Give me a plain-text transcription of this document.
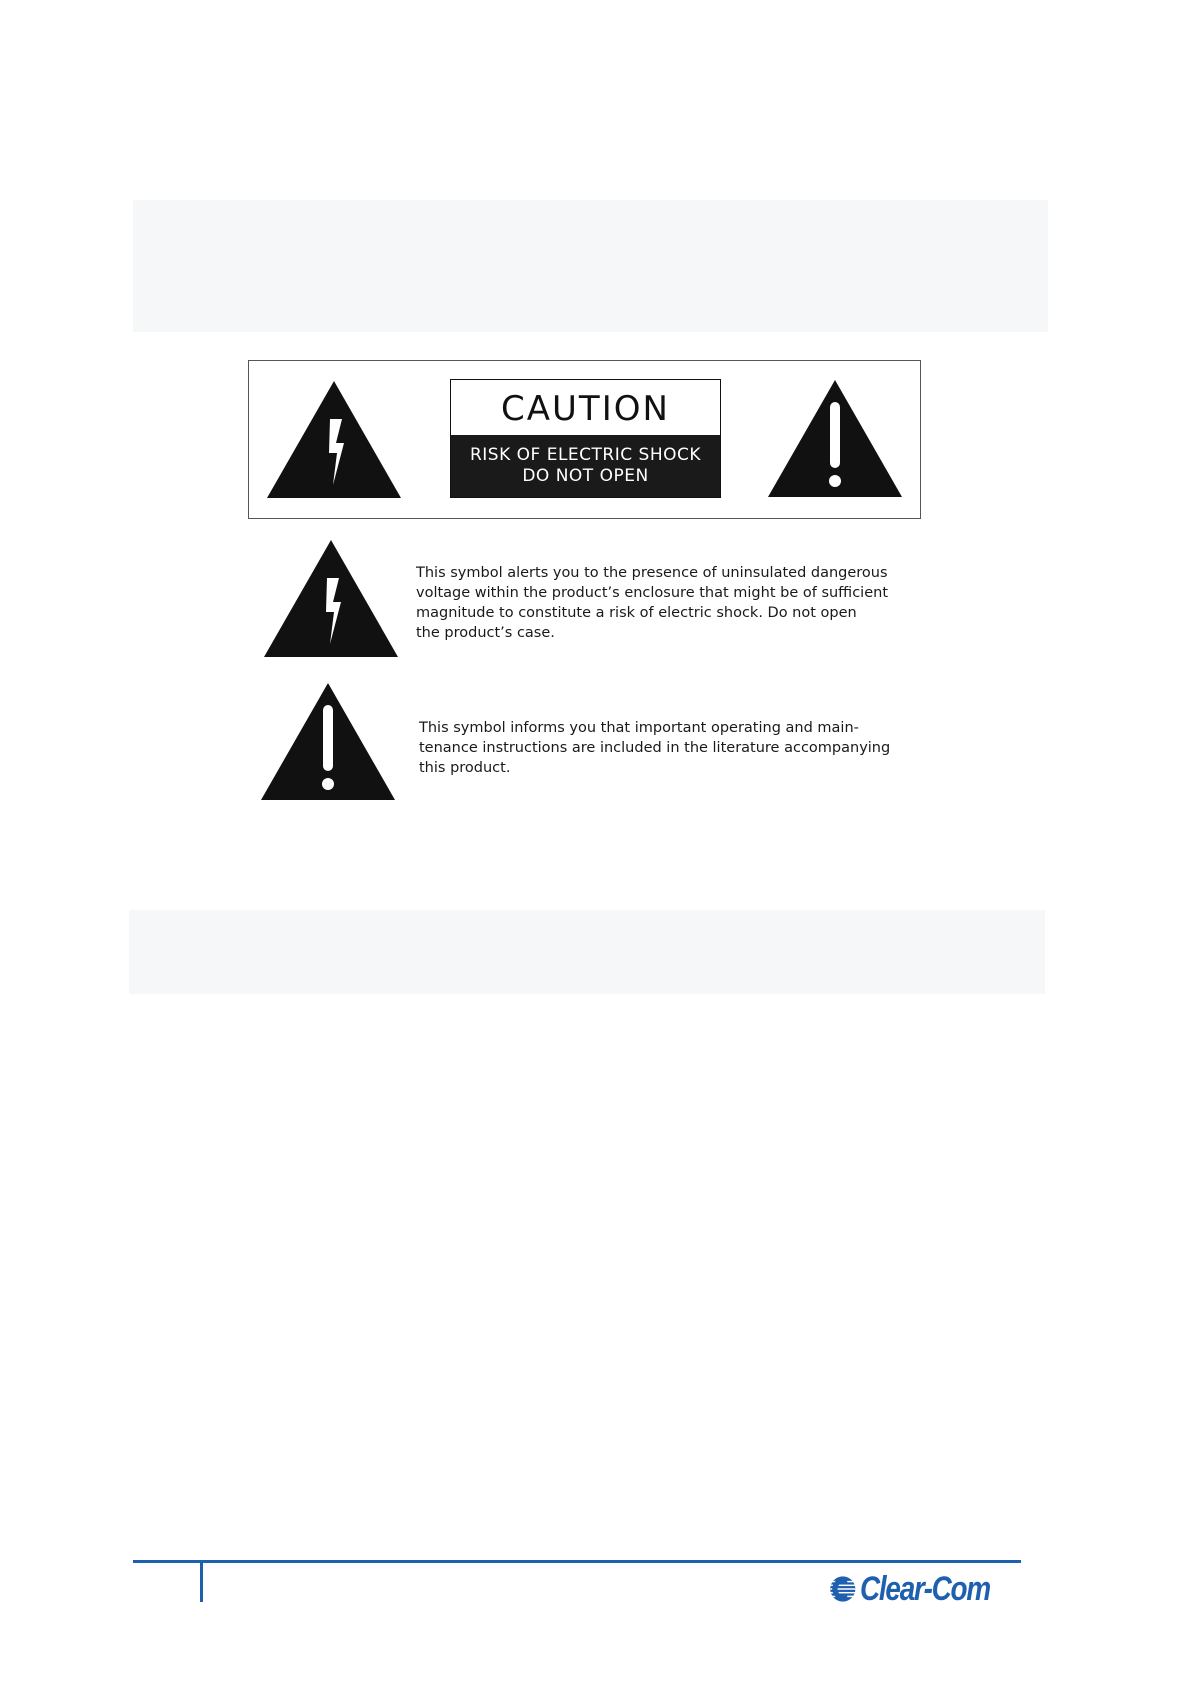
CAUTION
RISK OF ELECTRIC SHOCK
DO NOT OPEN
This symbol alerts you to the presence of uninsulated dangerous
voltage within the product’s enclosure that might be of sufficient
magnitude to constitute a risk of electric shock. Do not open
the product’s case.
This symbol informs you that important operating and main-
tenance instructions are included in the literature accompanying
this product.
Clear-Com
